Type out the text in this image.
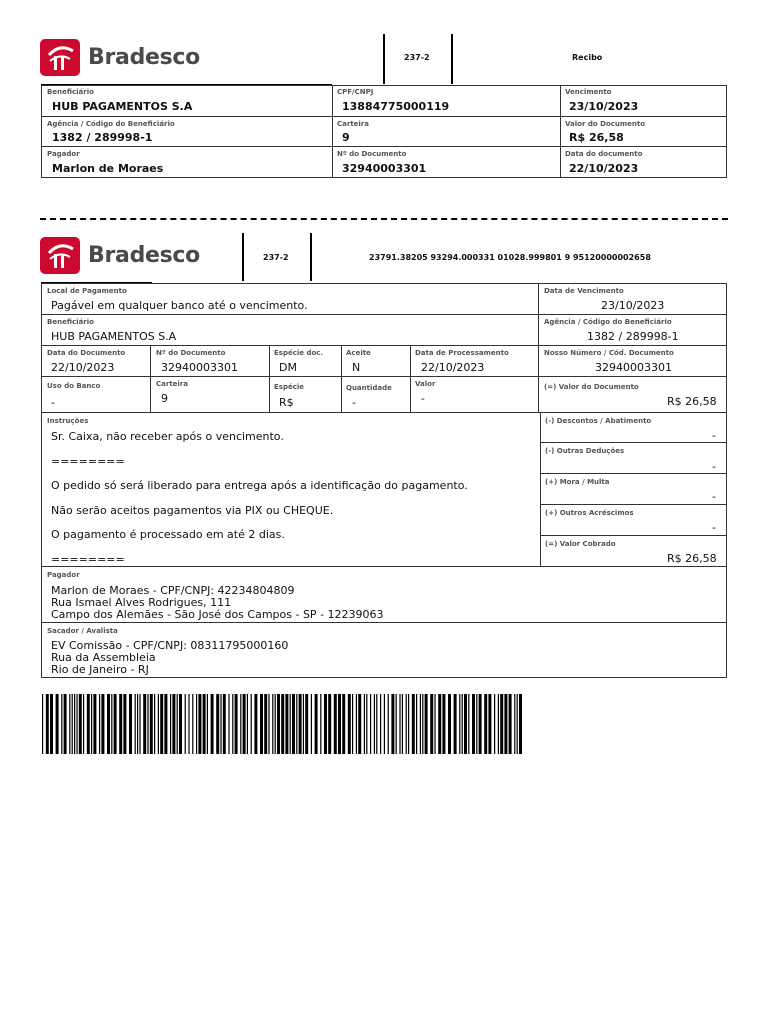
Bradesco	237-2	Recibo
Beneficiário
HUB PAGAMENTOS S.A
CPF/CNPJ
13884775000119
Vencimento
23/10/2023
Agência / Código do Beneficiário
1382 / 289998-1
Carteira
9
Valor do Documento
R$ 26,58
Pagador
Marlon de Moraes
Nº do Documento
32940003301
Data do documento
22/10/2023
Bradesco	237-2	23791.38205 93294.000331 01028.999801 9 95120000002658
Local de Pagamento
Pagável em qualquer banco até o vencimento.
Data de Vencimento
23/10/2023
Beneficiário
HUB PAGAMENTOS S.A
Agência / Código do Beneficiário
1382 / 289998-1
Data do Documento
22/10/2023
Nº do Documento
32940003301
Espécie doc.
DM
Aceite
N
Data de Processamento
22/10/2023
Nosso Número / Cód. Documento
32940003301
Uso do Banco
-
Carteira
9
Espécie
R$
Quantidade
-
Valor
-
(=) Valor do Documento
R$ 26,58
Instruções
Sr. Caixa, não receber após o vencimento.
========
O pedido só será liberado para entrega após a identificação do pagamento.
Não serão aceitos pagamentos via PIX ou CHEQUE.
O pagamento é processado em até 2 dias.
========
(-) Descontos / Abatimento
-
(-) Outras Deduções
-
(+) Mora / Multa
-
(+) Outros Acréscimos
-
(=) Valor Cobrado
R$ 26,58
Pagador
Marlon de Moraes - CPF/CNPJ: 42234804809
Rua Ismael Alves Rodrigues, 111
Campo dos Alemães - São José dos Campos - SP - 12239063
Sacador / Avalista
EV Comissão - CPF/CNPJ: 08311795000160
Rua da Assembleia
Rio de Janeiro - RJ
